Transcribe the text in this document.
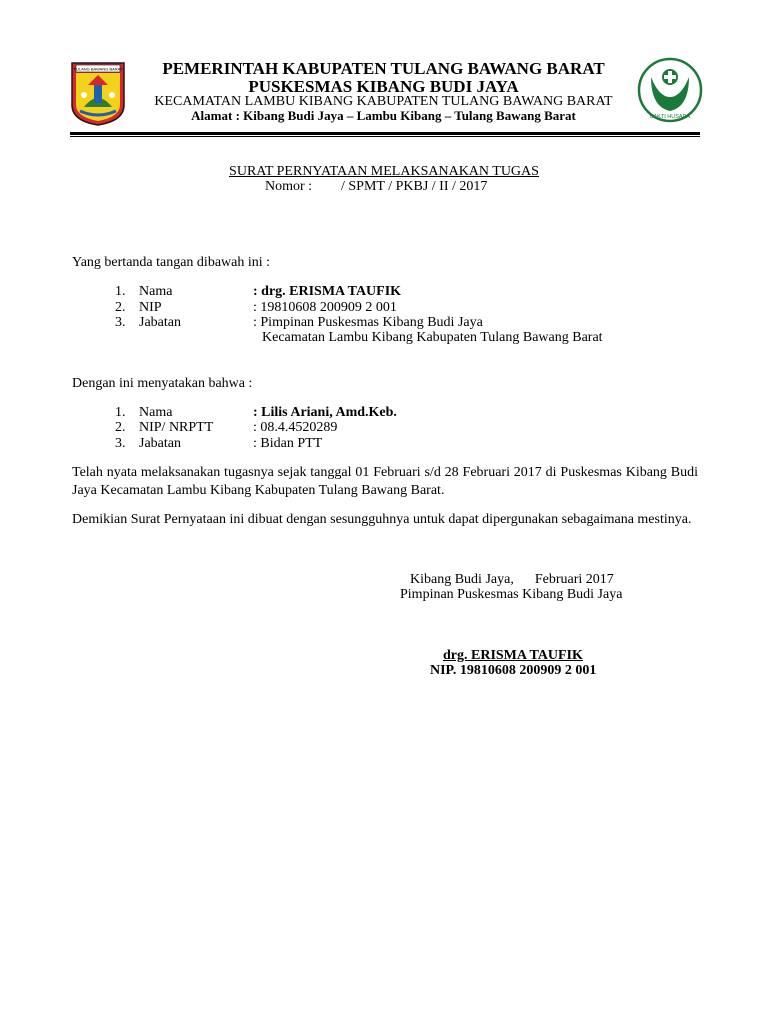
TULANG BAWANG BARAT
BAKTI HUSADA
PEMERINTAH KABUPATEN TULANG BAWANG BARAT
PUSKESMAS KIBANG BUDI JAYA
KECAMATAN LAMBU KIBANG KABUPATEN TULANG BAWANG BARAT
Alamat : Kibang Budi Jaya – Lambu Kibang – Tulang Bawang Barat
SURAT PERNYATAAN MELAKSANAKAN TUGAS
Nomor : / SPMT / PKBJ / II / 2017
Yang bertanda tangan dibawah ini :
1. Nama	: drg. ERISMA TAUFIK
2. NIP	: 19810608 200909 2 001
3. Jabatan	: Pimpinan Puskesmas Kibang Budi Jaya
Kecamatan Lambu Kibang Kabupaten Tulang Bawang Barat
Dengan ini menyatakan bahwa :
1. Nama	: Lilis Ariani, Amd.Keb.
2. NIP/ NRPTT	: 08.4.4520289
3. Jabatan	: Bidan PTT
Telah nyata melaksanakan tugasnya sejak tanggal 01 Februari s/d 28 Februari 2017 di Puskesmas Kibang Budi Jaya Kecamatan Lambu Kibang Kabupaten Tulang Bawang Barat.
Demikian Surat Pernyataan ini dibuat dengan sesungguhnya untuk dapat dipergunakan sebagaimana mestinya.
Kibang Budi Jaya,      Februari 2017
Pimpinan Puskesmas Kibang Budi Jaya
drg. ERISMA TAUFIK
NIP. 19810608 200909 2 001
